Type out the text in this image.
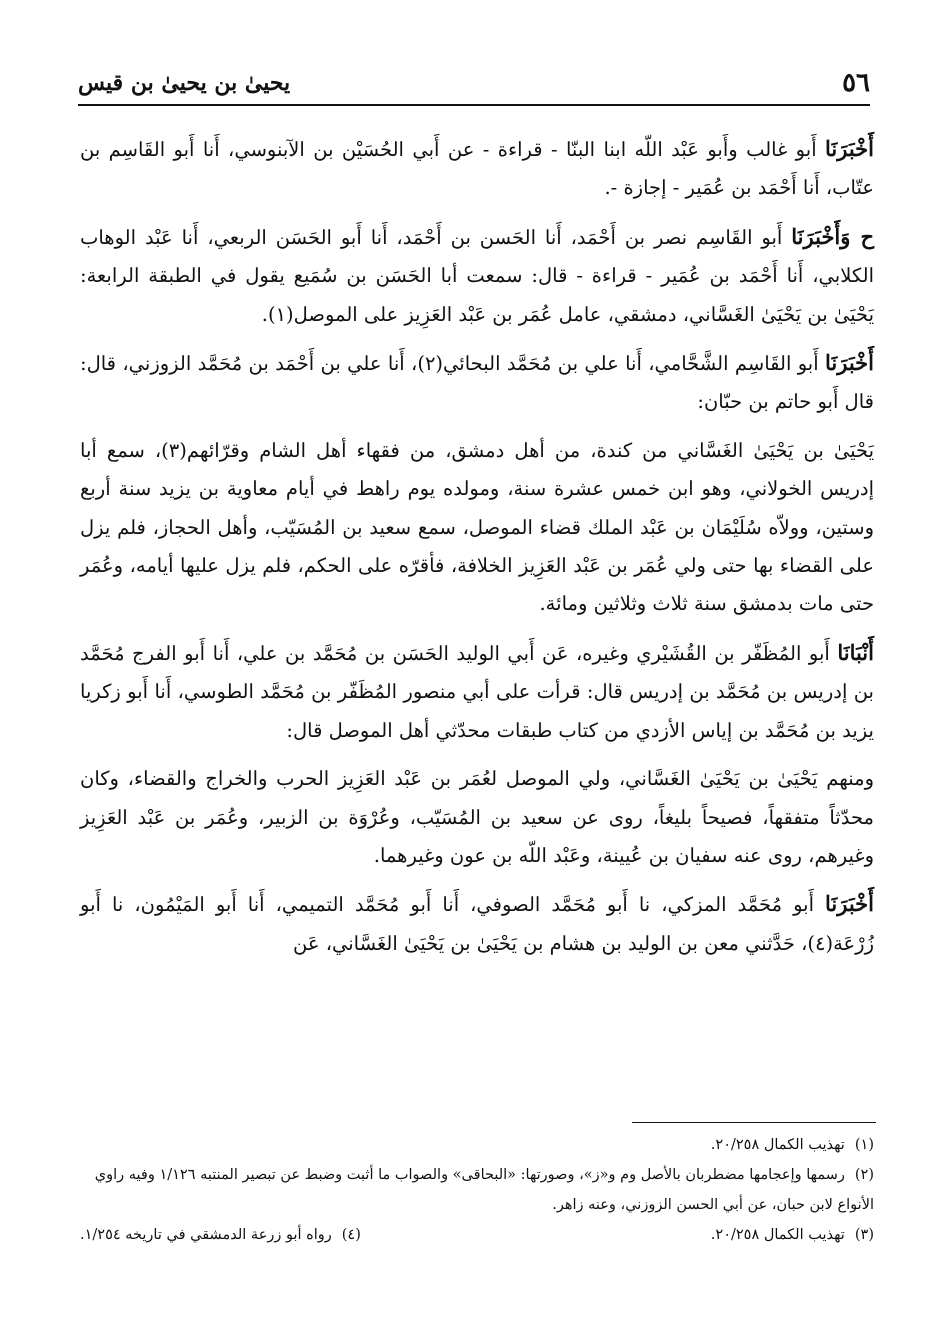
٥٦
يحيىٰ بن يحيىٰ بن قيس

أَخْبَرَنَا أَبو غالب وأَبو عَبْد اللّه ابنا البنّا - قراءة - عن أَبي الحُسَيْن بن الآبنوسي، أَنا أَبو القَاسِم بن عتّاب، أَنا أَحْمَد بن عُمَير - إجازة -.

ح وَأَخْبَرَنَا أَبو القَاسِم نصر بن أَحْمَد، أَنا الحَسن بن أَحْمَد، أَنا أَبو الحَسَن الربعي، أَنا عَبْد الوهاب الكلابي، أَنا أَحْمَد بن عُمَير - قراءة - قال: سمعت أبا الحَسَن بن سُمَيع يقول في الطبقة الرابعة: يَحْيَىٰ بن يَحْيَىٰ الغَسَّاني، دمشقي، عامل عُمَر بن عَبْد العَزِيز على الموصل(١).

أَخْبَرَنَا أَبو القَاسِم الشَّحَّامي، أَنا علي بن مُحَمَّد البحائي(٢)، أَنا علي بن أَحْمَد بن مُحَمَّد الزوزني، قال: قال أَبو حاتم بن حبّان:

يَحْيَىٰ بن يَحْيَىٰ الغَسَّاني من كندة، من أهل دمشق، من فقهاء أهل الشام وقرّائهم(٣)، سمع أبا إدريس الخولاني، وهو ابن خمس عشرة سنة، ومولده يوم راهط في أيام معاوية بن يزيد سنة أربع وستين، وولاّه سُلَيْمَان بن عَبْد الملك قضاء الموصل، سمع سعيد بن المُسَيّب، وأهل الحجاز، فلم يزل على القضاء بها حتى ولي عُمَر بن عَبْد العَزِيز الخلافة، فأقرّه على الحكم، فلم يزل عليها أيامه، وعُمَر حتى مات بدمشق سنة ثلاث وثلاثين ومائة.

أَنْبَانَا أَبو المُظَفّر بن القُشَيْري وغيره، عَن أَبي الوليد الحَسَن بن مُحَمَّد بن علي، أَنا أَبو الفرج مُحَمَّد بن إدريس بن مُحَمَّد بن إدريس قال: قرأت على أبي منصور المُظَفّر بن مُحَمَّد الطوسي، أَنا أَبو زكريا يزيد بن مُحَمَّد بن إياس الأزدي من كتاب طبقات محدّثي أهل الموصل قال:

ومنهم يَحْيَىٰ بن يَحْيَىٰ الغَسَّاني، ولي الموصل لعُمَر بن عَبْد العَزِيز الحرب والخراج والقضاء، وكان محدّثاً متفقهاً، فصيحاً بليغاً، روى عن سعيد بن المُسَيّب، وعُرْوَة بن الزبير، وعُمَر بن عَبْد العَزِيز وغيرهم، روى عنه سفيان بن عُيينة، وعَبْد اللّه بن عون وغيرهما.

أَخْبَرَنَا أَبو مُحَمَّد المزكي، نا أَبو مُحَمَّد الصوفي، أَنا أَبو مُحَمَّد التميمي، أَنا أَبو المَيْمُون، نا أَبو زُرْعَة(٤)، حَدَّثني معن بن الوليد بن هشام بن يَحْيَىٰ بن يَحْيَىٰ الغَسَّاني، عَن

(١)تهذيب الكمال ٢٠/٢٥٨.

(٢)رسمها وإعجامها مضطربان بالأصل وم و«ز»، وصورتها: «البحاقى» والصواب ما أثبت وضبط عن تبصير المنتبه ١/١٢٦ وفيه راوي الأنواع لابن حبان، عن أبي الحسن الزوزني، وعنه زاهر.

(٣)تهذيب الكمال ٢٠/٢٥٨.

(٤)رواه أبو زرعة الدمشقي في تاريخه ١/٢٥٤.
